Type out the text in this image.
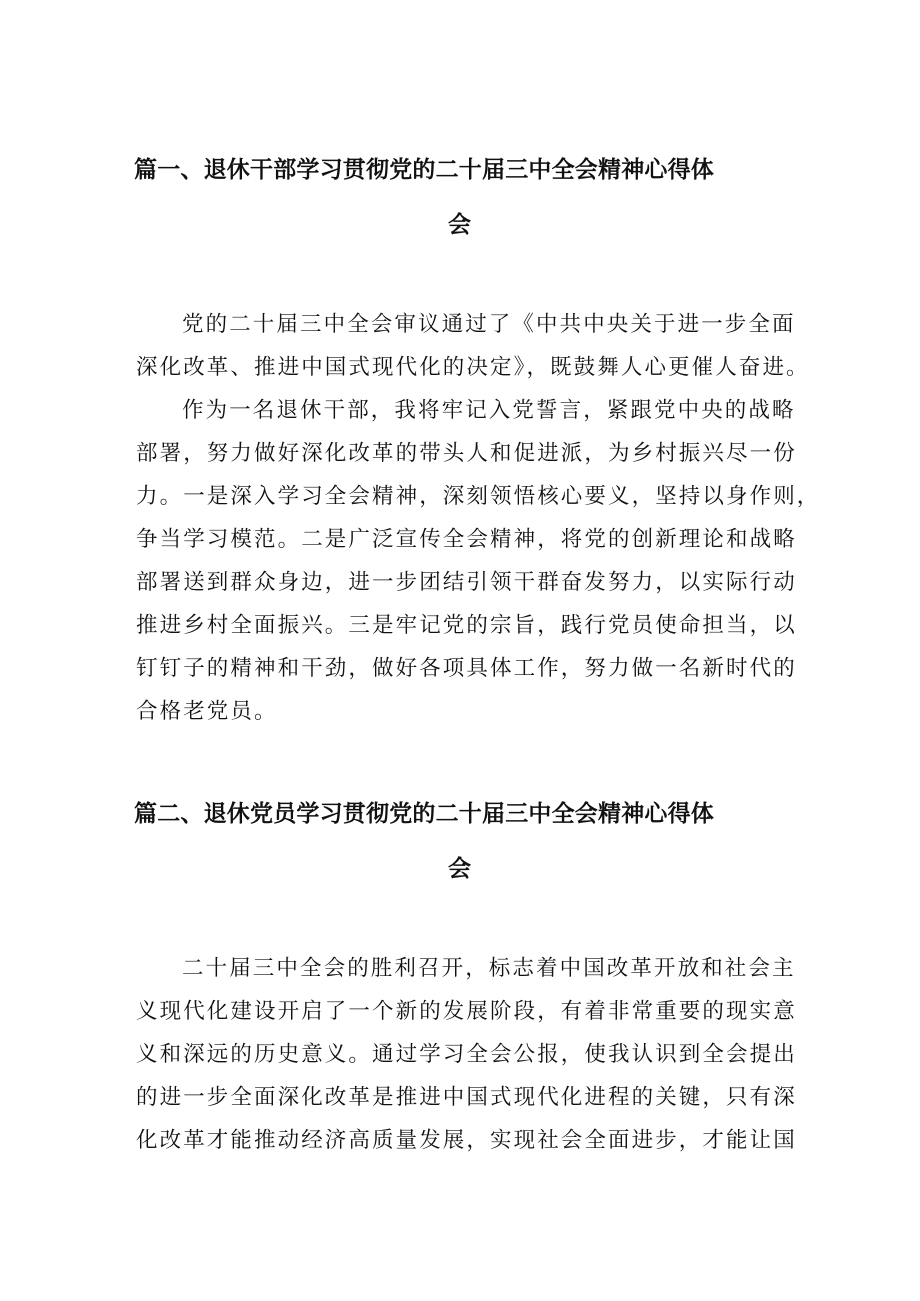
篇一、退休干部学习贯彻党的二十届三中全会精神心得体
会
党的二十届三中全会审议通过了《中共中央关于进一步全面
深化改革、推进中国式现代化的决定》，既鼓舞人心更催人奋进。
作为一名退休干部，我将牢记入党誓言，紧跟党中央的战略
部署，努力做好深化改革的带头人和促进派，为乡村振兴尽一份
力。一是深入学习全会精神，深刻领悟核心要义，坚持以身作则，
争当学习模范。二是广泛宣传全会精神，将党的创新理论和战略
部署送到群众身边，进一步团结引领干群奋发努力，以实际行动
推进乡村全面振兴。三是牢记党的宗旨，践行党员使命担当，以
钉钉子的精神和干劲，做好各项具体工作，努力做一名新时代的
合格老党员。
篇二、退休党员学习贯彻党的二十届三中全会精神心得体
会
二十届三中全会的胜利召开，标志着中国改革开放和社会主
义现代化建设开启了一个新的发展阶段，有着非常重要的现实意
义和深远的历史意义。通过学习全会公报，使我认识到全会提出
的进一步全面深化改革是推进中国式现代化进程的关键，只有深
化改革才能推动经济高质量发展，实现社会全面进步，才能让国
